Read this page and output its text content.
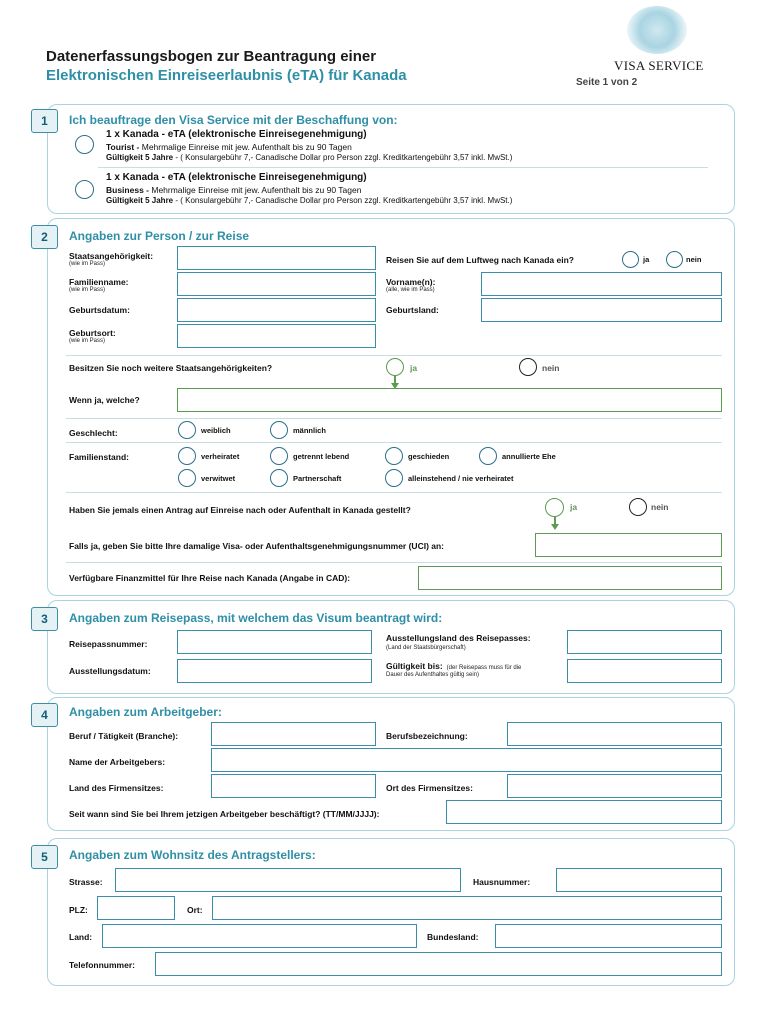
Datenerfassungsbogen zur Beantragung einer
Elektronischen Einreiseerlaubnis (eTA) für Kanada
VISA SERVICE
Seite 1 von 2
1	Ich beauftrage den Visa Service mit der Beschaffung von:
1 x Kanada - eTA (elektronische Einreisegenehmigung)
Tourist - Mehrmalige Einreise mit jew. Aufenthalt bis zu 90 Tagen
Gültigkeit 5 Jahre - ( Konsulargebühr 7,- Canadische Dollar pro Person zzgl. Kreditkartengebühr 3,57 inkl. MwSt.)
1 x Kanada - eTA (elektronische Einreisegenehmigung)
Business - Mehrmalige Einreise mit jew. Aufenthalt bis zu 90 Tagen
Gültigkeit 5 Jahre - ( Konsulargebühr 7,- Canadische Dollar pro Person zzgl. Kreditkartengebühr 3,57 inkl. MwSt.)
2	Angaben zur Person / zur Reise
Staatsangehörigkeit:
(wie im Pass)	Reisen Sie auf dem Luftweg nach Kanada ein?	ja	nein
Familienname:
(wie im Pass)
Vorname(n):
(alle, wie im Pass)
Geburtsdatum:	Geburtsland:
Geburtsort:
(wie im Pass)
Besitzen Sie noch weitere Staatsangehörigkeiten?	ja	nein
Wenn ja, welche?
Geschlecht:	weiblich	männlich
Familienstand:	verheiratet	getrennt lebend	geschieden	annullierte Ehe
verwitwet	Partnerschaft	alleinstehend / nie verheiratet
Haben Sie jemals einen Antrag auf Einreise nach oder Aufenthalt in Kanada gestellt?	ja	nein
Falls ja, geben Sie bitte Ihre damalige Visa- oder Aufenthaltsgenehmigungsnummer (UCI) an:
Verfügbare Finanzmittel für Ihre Reise nach Kanada (Angabe in CAD):
3	Angaben zum Reisepass, mit welchem das Visum beantragt wird:
Reisepassnummer:
Ausstellungsland des Reisepasses:
(Land der Staatsbürgerschaft)
Ausstellungsdatum:	Gültigkeit bis: (der Reisepass muss für die
Dauer des Aufenthaltes gültig sein)
4	Angaben zum Arbeitgeber:
Beruf / Tätigkeit (Branche):	Berufsbezeichnung:
Name der Arbeitgebers:
Land des Firmensitzes:	Ort des Firmensitzes:
Seit wann sind Sie bei Ihrem jetzigen Arbeitgeber beschäftigt? (TT/MM/JJJJ):
5	Angaben zum Wohnsitz des Antragstellers:
Strasse:	Hausnummer:
PLZ:	Ort:
Land:	Bundesland:
Telefonnummer:
